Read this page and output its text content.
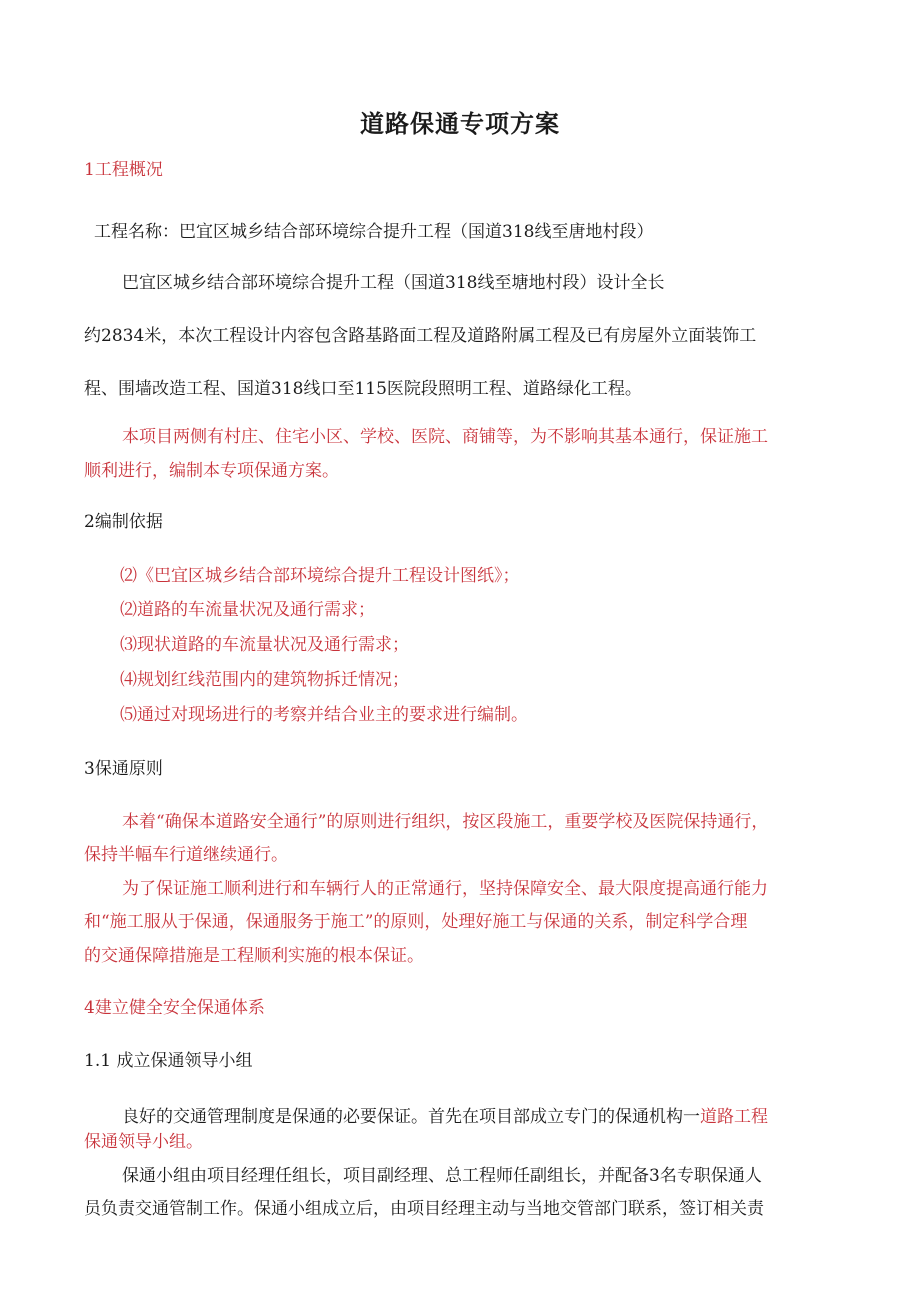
道路保通专项方案
1工程概况
工程名称：巴宜区城乡结合部环境综合提升工程（国道318线至唐地村段）
巴宜区城乡结合部环境综合提升工程（国道318线至塘地村段）设计全长
约2834米，本次工程设计内容包含路基路面工程及道路附属工程及已有房屋外立面装饰工
程、围墙改造工程、国道318线口至115医院段照明工程、道路绿化工程。
本项目两侧有村庄、住宅小区、学校、医院、商铺等，为不影响其基本通行，保证施工
顺利进行，编制本专项保通方案。
2编制依据
⑵《巴宜区城乡结合部环境综合提升工程设计图纸》；
⑵道路的车流量状况及通行需求；
⑶现状道路的车流量状况及通行需求；
⑷规划红线范围内的建筑物拆迁情况；
⑸通过对现场进行的考察并结合业主的要求进行编制。
3保通原则
本着“确保本道路安全通行”的原则进行组织，按区段施工，重要学校及医院保持通行，
保持半幅车行道继续通行。
为了保证施工顺利进行和车辆行人的正常通行，坚持保障安全、最大限度提高通行能力
和“施工服从于保通，保通服务于施工”的原则，处理好施工与保通的关系，制定科学合理
的交通保障措施是工程顺利实施的根本保证。
4建立健全安全保通体系
1.1 成立保通领导小组
良好的交通管理制度是保通的必要保证。首先在项目部成立专门的保通机构一道路工程
保通领导小组。
保通小组由项目经理任组长，项目副经理、总工程师任副组长，并配备3名专职保通人
员负责交通管制工作。保通小组成立后，由项目经理主动与当地交管部门联系，签订相关责
